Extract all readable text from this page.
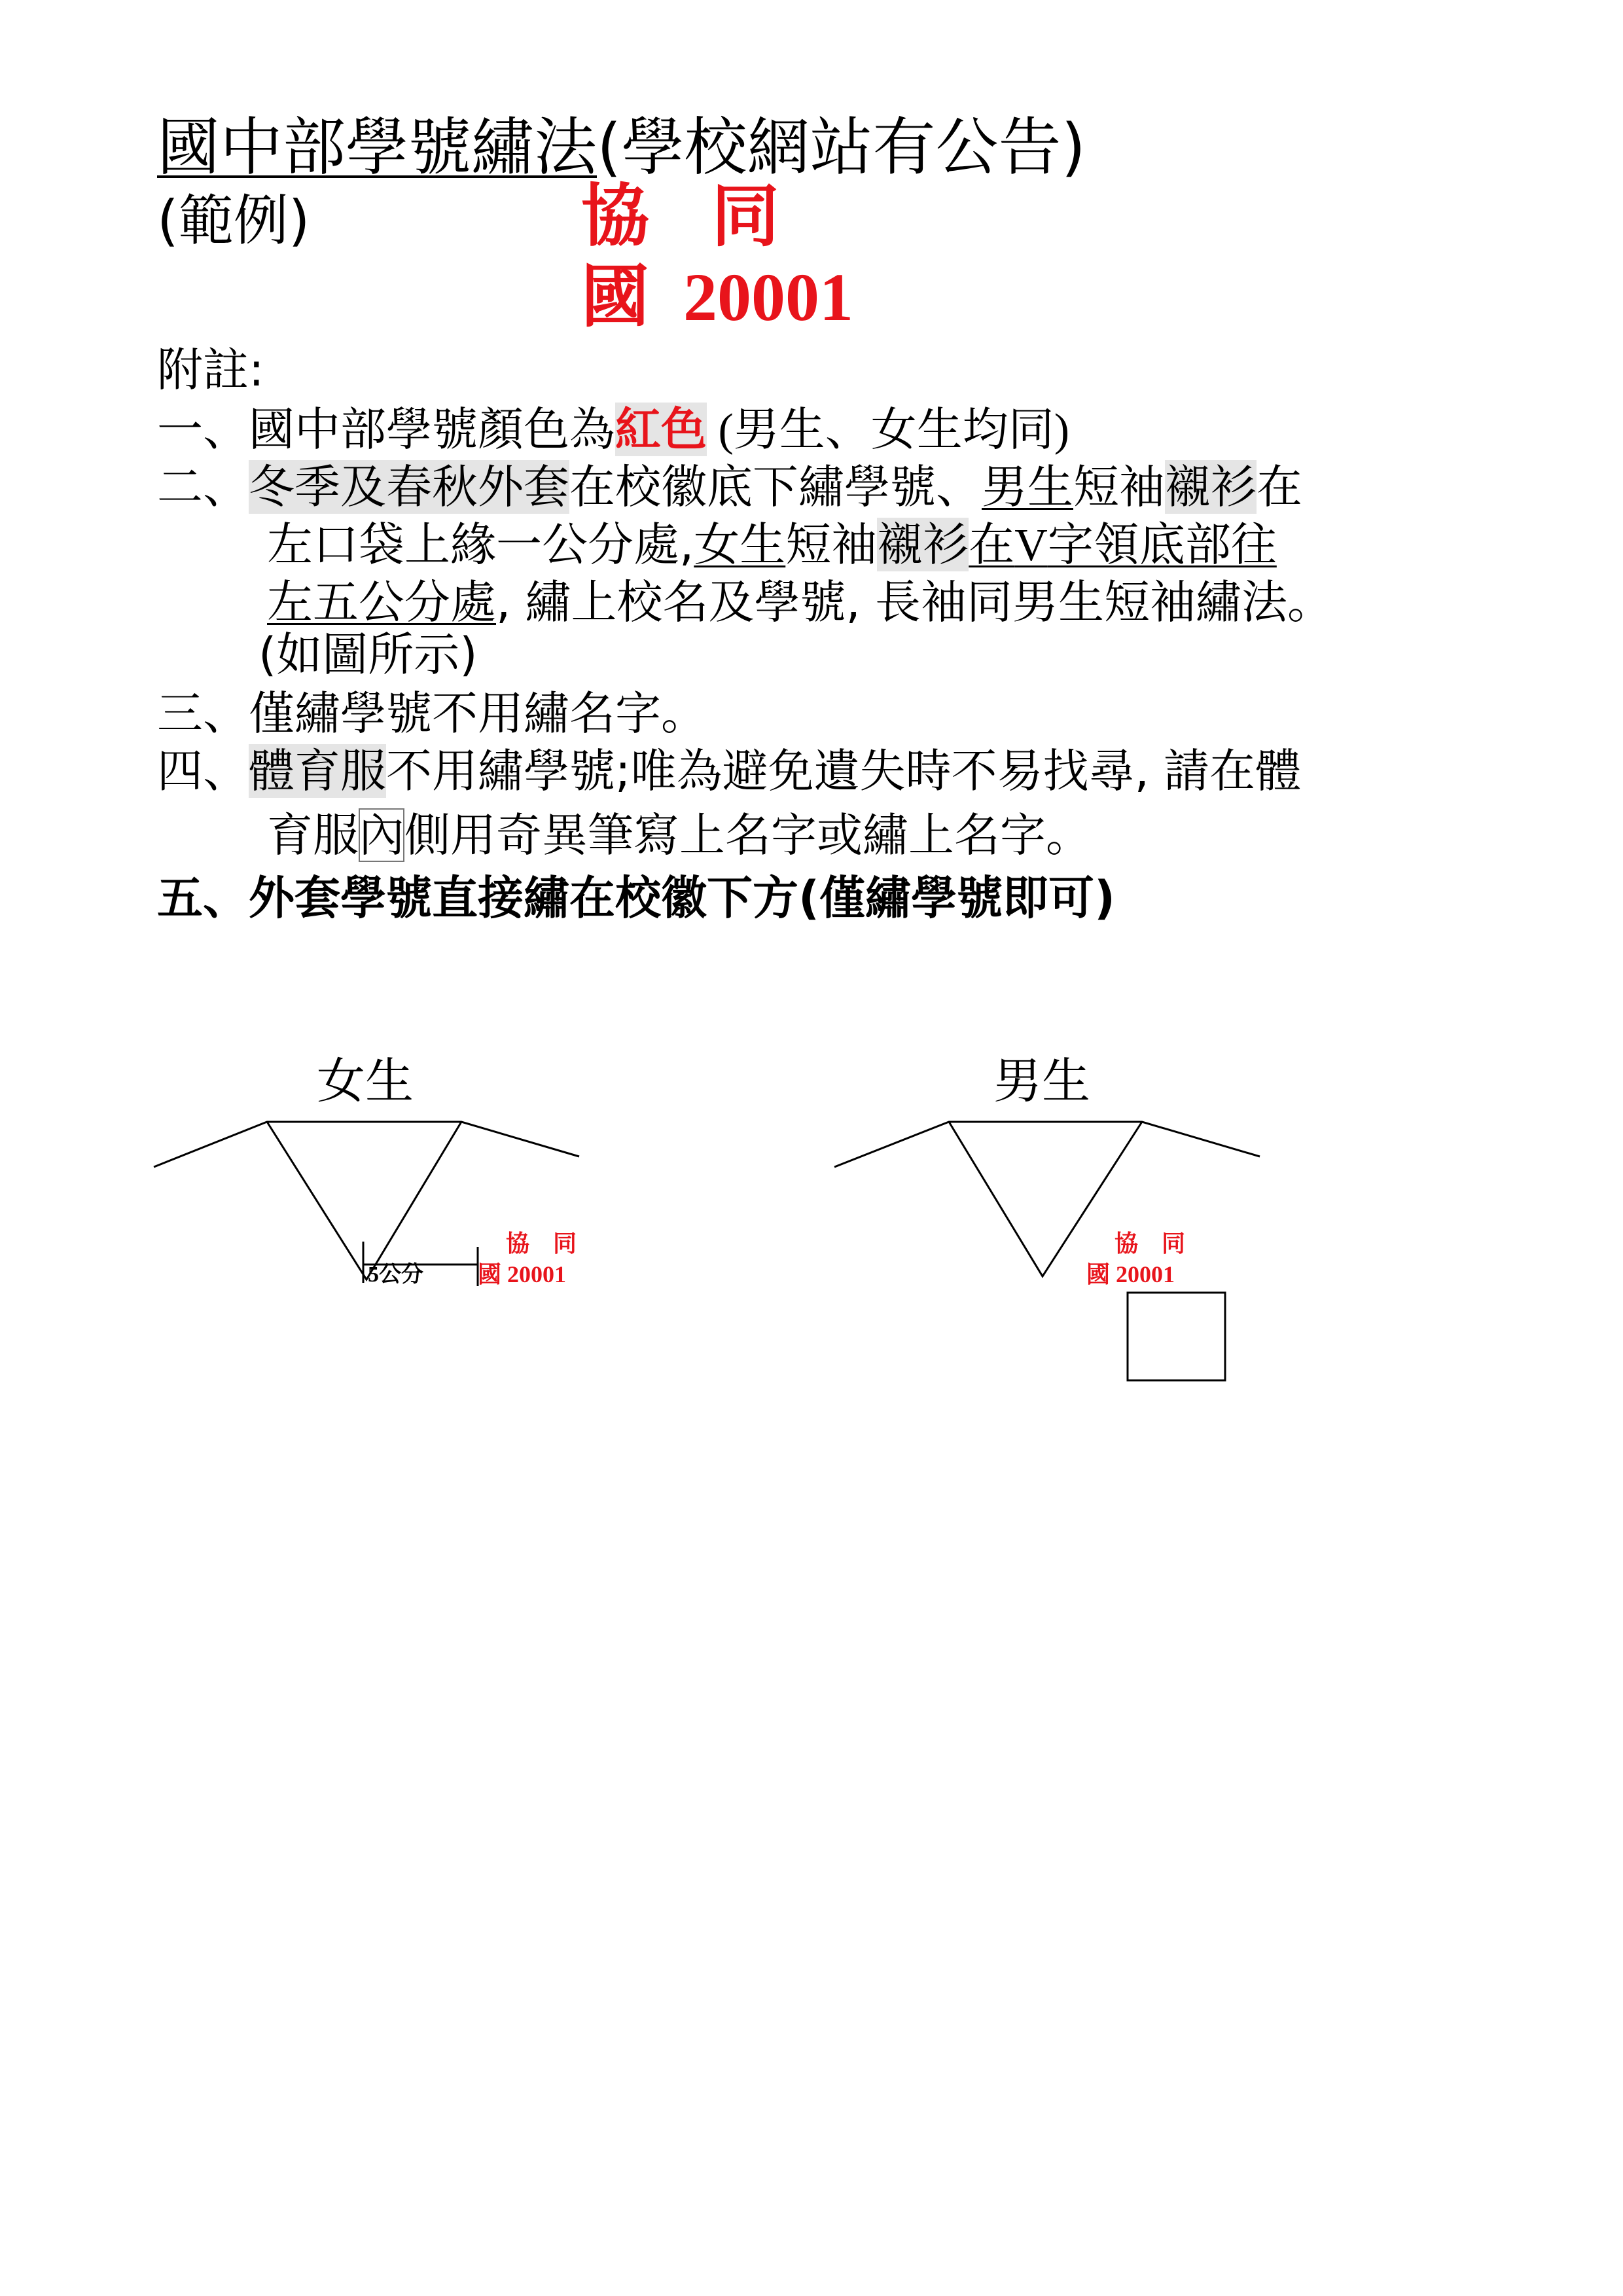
國中部學號繡法(學校網站有公告)
(範例)	協 同
國 20001
附註:
一、國中部學號顏色為紅色 (男生、女生均同)
二、冬季及春秋外套在校徽底下繡學號、男生短袖襯衫在
左口袋上緣一公分處,女生短袖襯衫在V字領底部往
左五公分處, 繡上校名及學號, 長袖同男生短袖繡法。
(如圖所示)
三、僅繡學號不用繡名字。
四、體育服不用繡學號;唯為避免遺失時不易找尋, 請在體
育服內側用奇異筆寫上名字或繡上名字。
五、外套學號直接繡在校徽下方(僅繡學號即可)
女生	男生
協　同
國 20001
協　同
國 20001
5公分
